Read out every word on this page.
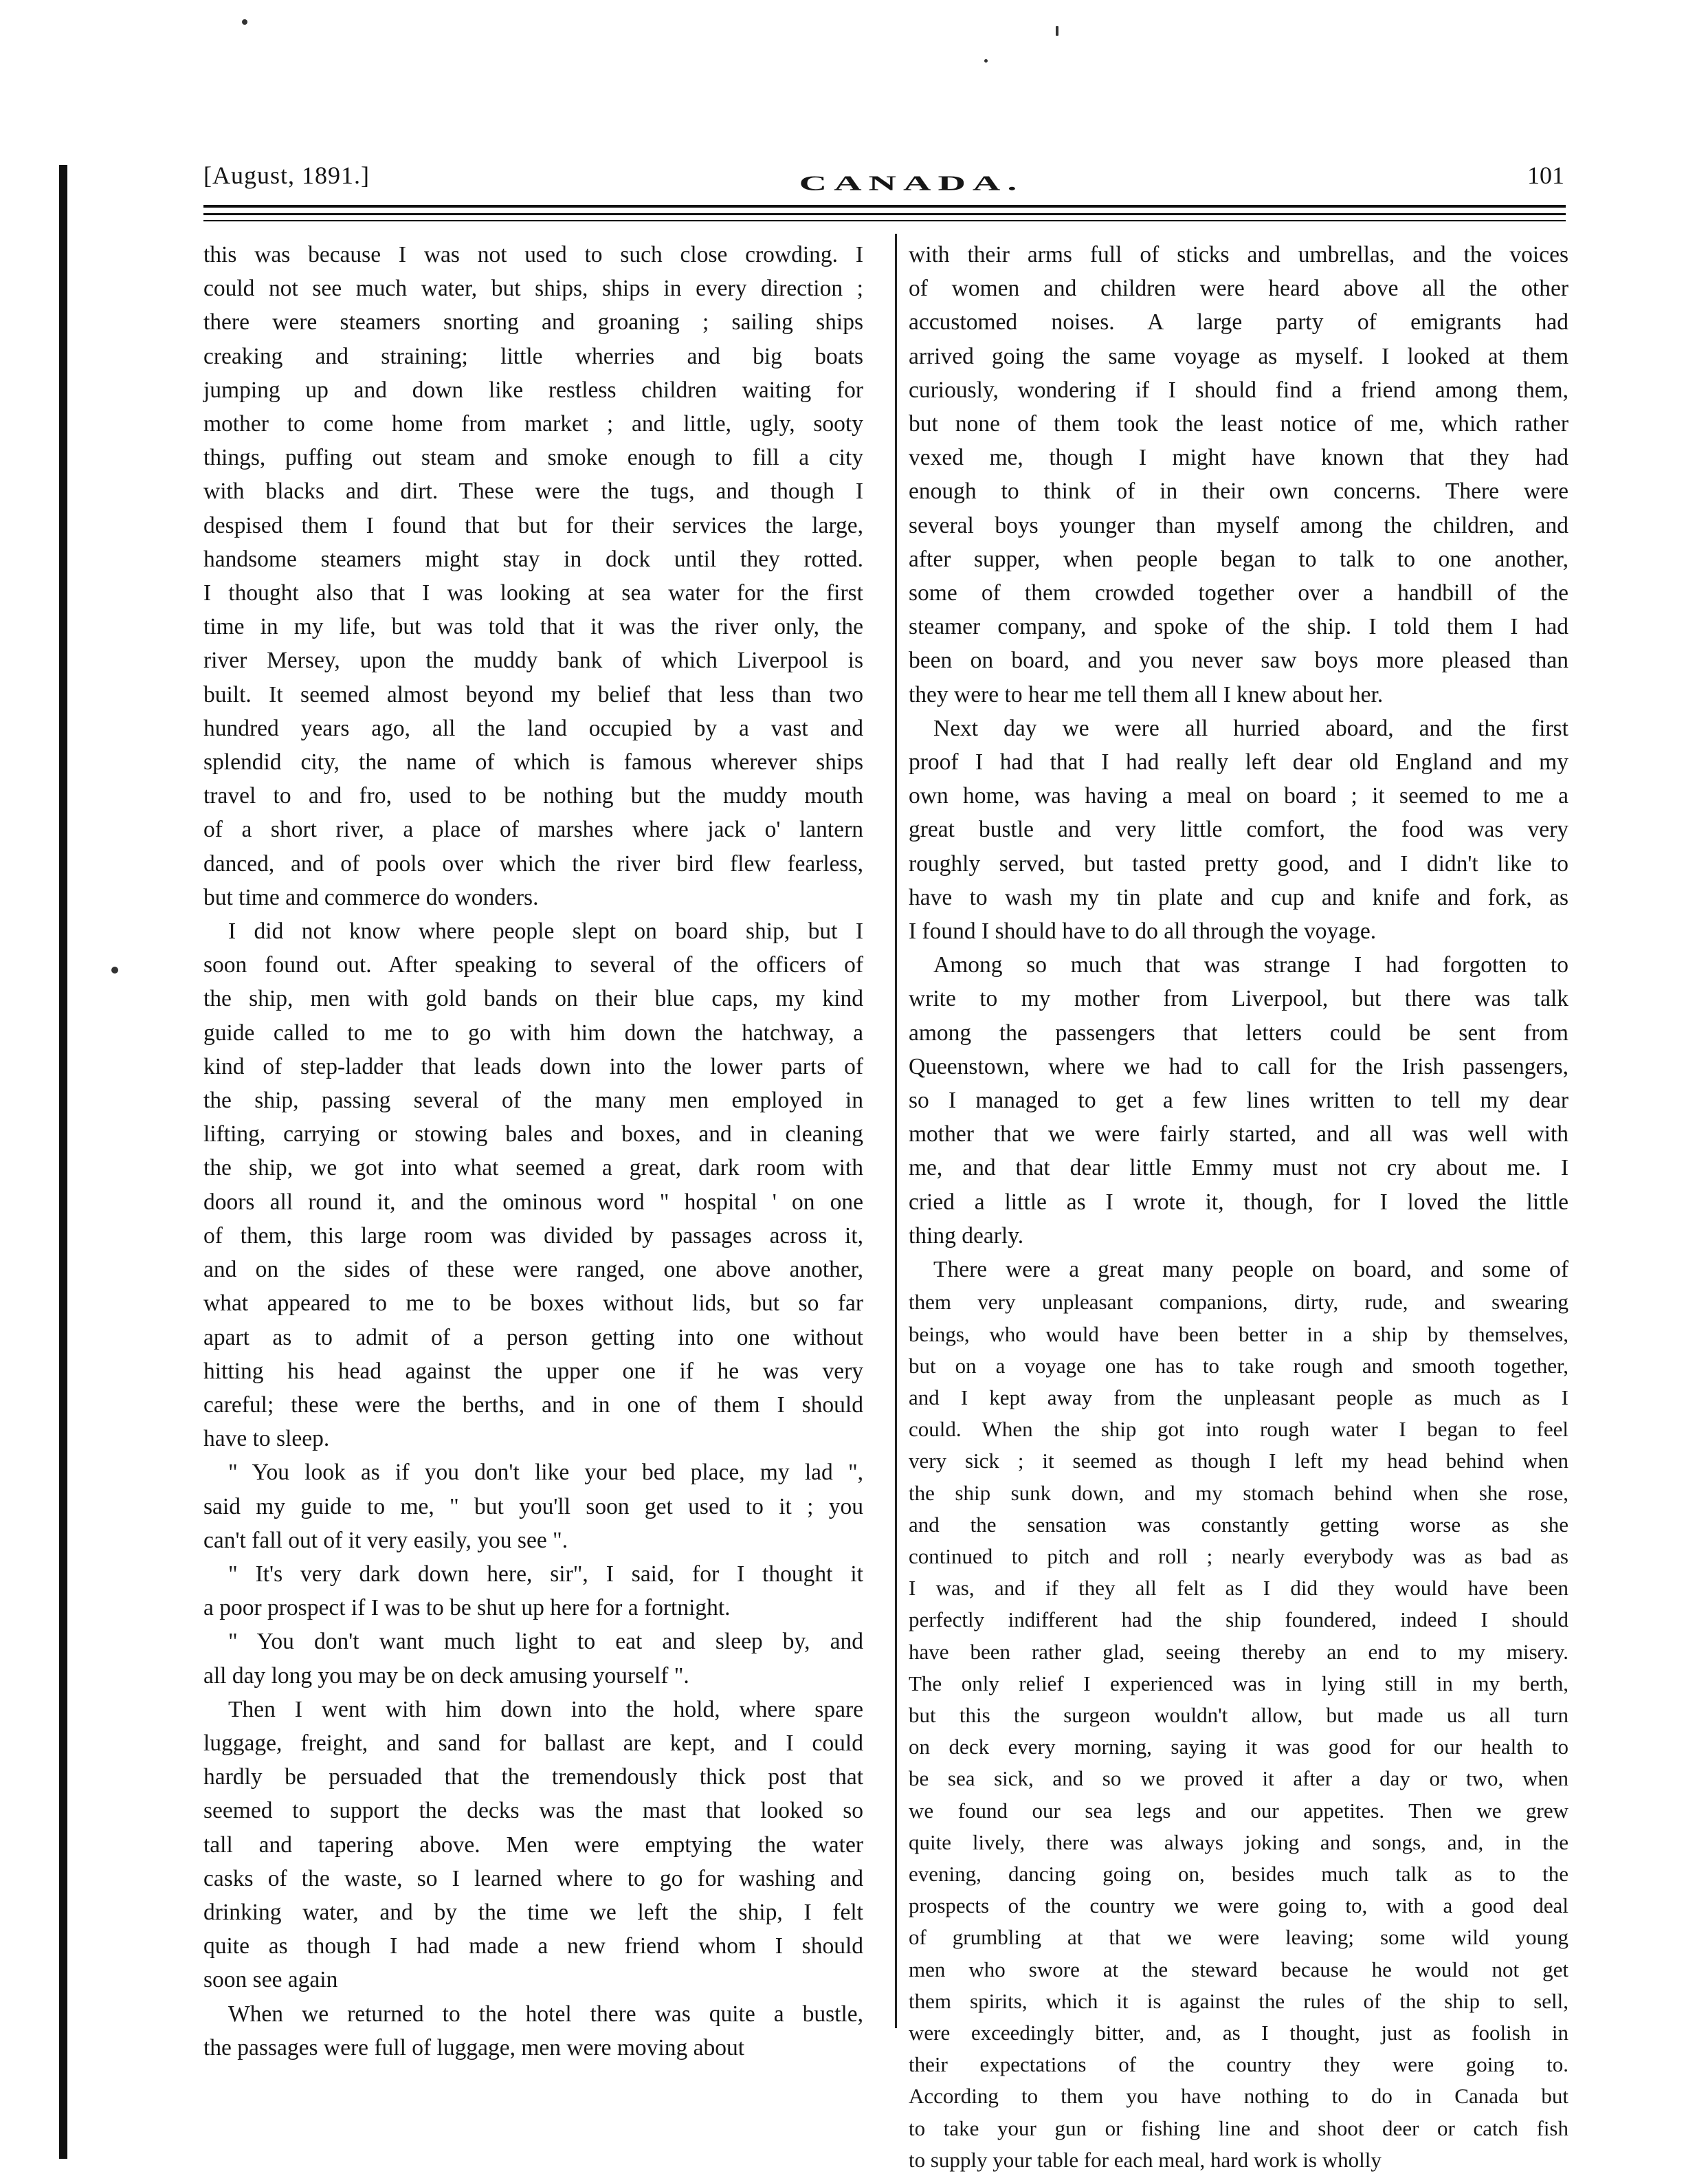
[August, 1891.]	CANADA.	101
this was because I was not used to such close crowding. I
could not see much water, but ships, ships in every direction ;
there were steamers snorting and groaning ; sailing ships
creaking and straining; little wherries and big boats
jumping up and down like restless children waiting for
mother to come home from market ; and little, ugly, sooty
things, puffing out steam and smoke enough to fill a city
with blacks and dirt. These were the tugs, and though I
despised them I found that but for their services the large,
handsome steamers might stay in dock until they rotted.
I thought also that I was looking at sea water for the first
time in my life, but was told that it was the river only, the
river Mersey, upon the muddy bank of which Liverpool is
built. It seemed almost beyond my belief that less than two
hundred years ago, all the land occupied by a vast and
splendid city, the name of which is famous wherever ships
travel to and fro, used to be nothing but the muddy mouth
of a short river, a place of marshes where jack o' lantern
danced, and of pools over which the river bird flew fearless,
but time and commerce do wonders.
I did not know where people slept on board ship, but I
soon found out. After speaking to several of the officers of
the ship, men with gold bands on their blue caps, my kind
guide called to me to go with him down the hatchway, a
kind of step-ladder that leads down into the lower parts of
the ship, passing several of the many men employed in
lifting, carrying or stowing bales and boxes, and in cleaning
the ship, we got into what seemed a great, dark room with
doors all round it, and the ominous word " hospital ' on one
of them, this large room was divided by passages across it,
and on the sides of these were ranged, one above another,
what appeared to me to be boxes without lids, but so far
apart as to admit of a person getting into one without
hitting his head against the upper one if he was very
careful; these were the berths, and in one of them I should
have to sleep.
" You look as if you don't like your bed place, my lad ",
said my guide to me, " but you'll soon get used to it ; you
can't fall out of it very easily, you see ".
" It's very dark down here, sir", I said, for I thought it
a poor prospect if I was to be shut up here for a fortnight.
" You don't want much light to eat and sleep by, and
all day long you may be on deck amusing yourself ".
Then I went with him down into the hold, where spare
luggage, freight, and sand for ballast are kept, and I could
hardly be persuaded that the tremendously thick post that
seemed to support the decks was the mast that looked so
tall and tapering above. Men were emptying the water
casks of the waste, so I learned where to go for washing and
drinking water, and by the time we left the ship, I felt
quite as though I had made a new friend whom I should
soon see again
When we returned to the hotel there was quite a bustle,
the passages were full of luggage, men were moving about
with their arms full of sticks and umbrellas, and the voices
of women and children were heard above all the other
accustomed noises. A large party of emigrants had
arrived going the same voyage as myself. I looked at them
curiously, wondering if I should find a friend among them,
but none of them took the least notice of me, which rather
vexed me, though I might have known that they had
enough to think of in their own concerns. There were
several boys younger than myself among the children, and
after supper, when people began to talk to one another,
some of them crowded together over a handbill of the
steamer company, and spoke of the ship. I told them I had
been on board, and you never saw boys more pleased than
they were to hear me tell them all I knew about her.
Next day we were all hurried aboard, and the first
proof I had that I had really left dear old England and my
own home, was having a meal on board ; it seemed to me a
great bustle and very little comfort, the food was very
roughly served, but tasted pretty good, and I didn't like to
have to wash my tin plate and cup and knife and fork, as
I found I should have to do all through the voyage.
Among so much that was strange I had forgotten to
write to my mother from Liverpool, but there was talk
among the passengers that letters could be sent from
Queenstown, where we had to call for the Irish passengers,
so I managed to get a few lines written to tell my dear
mother that we were fairly started, and all was well with
me, and that dear little Emmy must not cry about me. I
cried a little as I wrote it, though, for I loved the little
thing dearly.
There were a great many people on board, and some of
them very unpleasant companions, dirty, rude, and swearing
beings, who would have been better in a ship by themselves,
but on a voyage one has to take rough and smooth together,
and I kept away from the unpleasant people as much as I
could. When the ship got into rough water I began to feel
very sick ; it seemed as though I left my head behind when
the ship sunk down, and my stomach behind when she rose,
and the sensation was constantly getting worse as she
continued to pitch and roll ; nearly everybody was as bad as
I was, and if they all felt as I did they would have been
perfectly indifferent had the ship foundered, indeed I should
have been rather glad, seeing thereby an end to my misery.
The only relief I experienced was in lying still in my berth,
but this the surgeon wouldn't allow, but made us all turn
on deck every morning, saying it was good for our health to
be sea sick, and so we proved it after a day or two, when
we found our sea legs and our appetites. Then we grew
quite lively, there was always joking and songs, and, in the
evening, dancing going on, besides much talk as to the
prospects of the country we were going to, with a good deal
of grumbling at that we were leaving; some wild young
men who swore at the steward because he would not get
them spirits, which it is against the rules of the ship to sell,
were exceedingly bitter, and, as I thought, just as foolish in
their expectations of the country they were going to.
According to them you have nothing to do in Canada but
to take your gun or fishing line and shoot deer or catch fish
to supply your table for each meal, hard work is wholly
